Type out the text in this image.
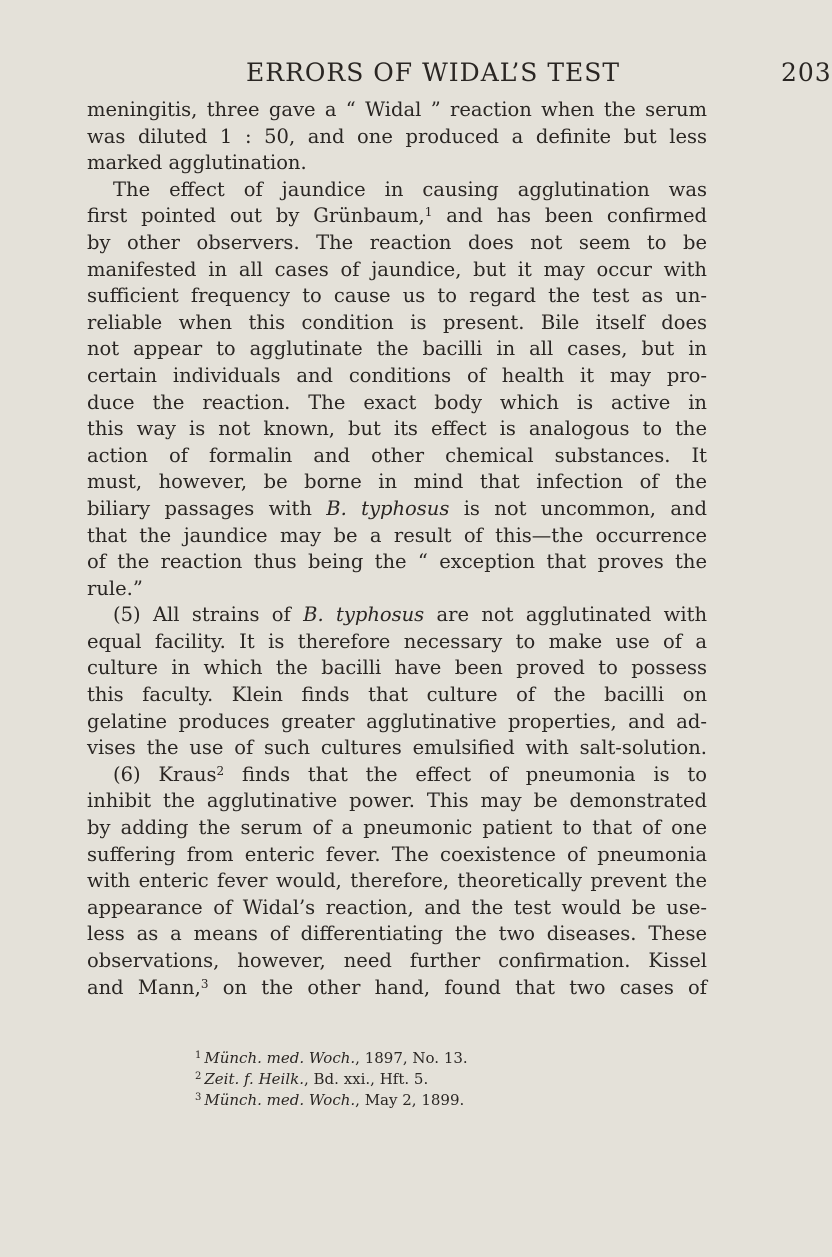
ERRORS OF WIDAL’S TEST	203
meningitis, three gave a “ Widal ” reaction when the serum
was diluted 1 : 50, and one produced a definite but less
marked agglutination.
The effect of jaundice in causing agglutination was
first pointed out by Grünbaum,$^1$ and has been confirmed
by other observers. The reaction does not seem to be
manifested in all cases of jaundice, but it may occur with
sufficient frequency to cause us to regard the test as un-
reliable when this condition is present. Bile itself does
not appear to agglutinate the bacilli in all cases, but in
certain individuals and conditions of health it may pro-
duce the reaction. The exact body which is active in
this way is not known, but its effect is analogous to the
action of formalin and other chemical substances. It
must, however, be borne in mind that infection of the
biliary passages with B. typhosus is not uncommon, and
that the jaundice may be a result of this—the occurrence
of the reaction thus being the “ exception that proves the
rule.”
(5) All strains of B. typhosus are not agglutinated with
equal facility. It is therefore necessary to make use of a
culture in which the bacilli have been proved to possess
this faculty. Klein finds that culture of the bacilli on
gelatine produces greater agglutinative properties, and ad-
vises the use of such cultures emulsified with salt-solution.
(6) Kraus$^2$ finds that the effect of pneumonia is to
inhibit the agglutinative power. This may be demonstrated
by adding the serum of a pneumonic patient to that of one
suffering from enteric fever. The coexistence of pneumonia
with enteric fever would, therefore, theoretically prevent the
appearance of Widal’s reaction, and the test would be use-
less as a means of differentiating the two diseases. These
observations, however, need further confirmation. Kissel
and Mann,$^3$ on the other hand, found that two cases of
$^1$ Münch. med. Woch., 1897, No. 13.
$^2$ Zeit. f. Heilk., Bd. xxi., Hft. 5.
$^3$ Münch. med. Woch., May 2, 1899.
